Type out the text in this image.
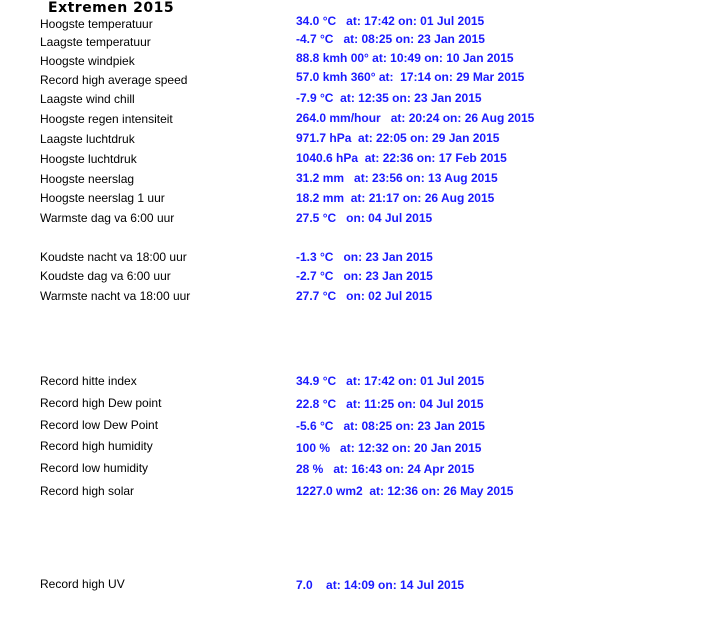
Extremen 2015
Hoogste temperatuur	34.0 °C   at: 17:42 on: 01 Jul 2015
Laagste temperatuur	-4.7 °C   at: 08:25 on: 23 Jan 2015
Hoogste windpiek	88.8 kmh 00° at: 10:49 on: 10 Jan 2015
Record high average speed	57.0 kmh 360° at:  17:14 on: 29 Mar 2015
Laagste wind chill	-7.9 °C  at: 12:35 on: 23 Jan 2015
Hoogste regen intensiteit	264.0 mm/hour   at: 20:24 on: 26 Aug 2015
Laagste luchtdruk	971.7 hPa  at: 22:05 on: 29 Jan 2015
Hoogste luchtdruk	1040.6 hPa  at: 22:36 on: 17 Feb 2015
Hoogste neerslag	31.2 mm   at: 23:56 on: 13 Aug 2015
Hoogste neerslag 1 uur	18.2 mm  at: 21:17 on: 26 Aug 2015
Warmste dag va 6:00 uur	27.5 °C   on: 04 Jul 2015
Koudste nacht va 18:00 uur	-1.3 °C   on: 23 Jan 2015
Koudste dag va 6:00 uur	-2.7 °C   on: 23 Jan 2015
Warmste nacht va 18:00 uur	27.7 °C   on: 02 Jul 2015
Record hitte index	34.9 °C   at: 17:42 on: 01 Jul 2015
Record high Dew point	22.8 °C   at: 11:25 on: 04 Jul 2015
Record low Dew Point	-5.6 °C   at: 08:25 on: 23 Jan 2015
Record high humidity	100 %   at: 12:32 on: 20 Jan 2015
Record low humidity	28 %   at: 16:43 on: 24 Apr 2015
Record high solar	1227.0 wm2  at: 12:36 on: 26 May 2015
Record high UV	7.0    at: 14:09 on: 14 Jul 2015
